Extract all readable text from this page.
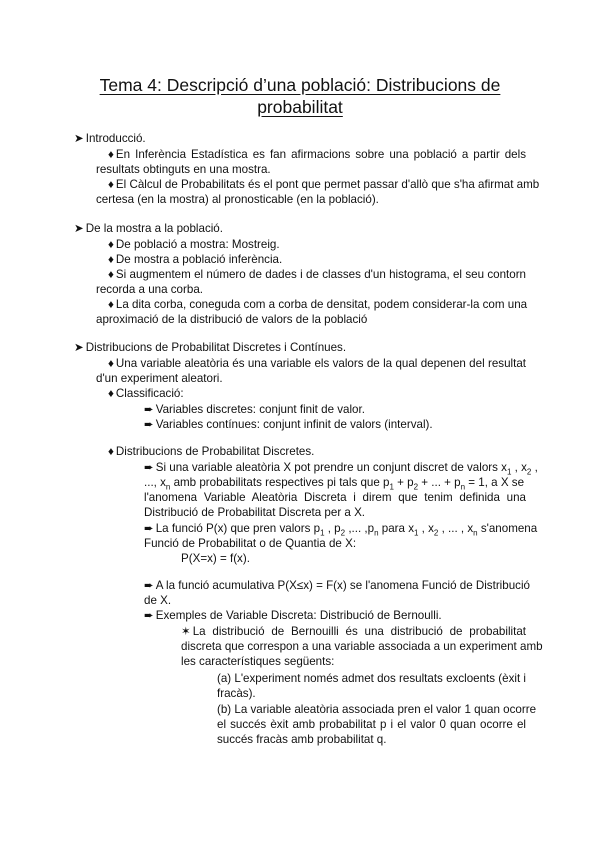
Tema 4: Descripció d’una població: Distribucions de
probabilitat
➤ Introducció.
♦ En Inferència Estadística es fan afirmacions sobre una població a partir dels
resultats obtinguts en una mostra.
♦ El Càlcul de Probabilitats és el pont que permet passar d'allò que s'ha afirmat amb
certesa (en la mostra) al pronosticable (en la població).
➤ De la mostra a la població.
♦ De població a mostra: Mostreig.
♦ De mostra a població inferència.
♦ Si augmentem el número de dades i de classes d'un histograma, el seu contorn
recorda a una corba.
♦ La dita corba, coneguda com a corba de densitat, podem considerar-la com una
aproximació de la distribució de valors de la població
➤ Distribucions de Probabilitat Discretes i Contínues.
♦ Una variable aleatòria és una variable els valors de la qual depenen del resultat
d'un experiment aleatori.
♦ Classificació:
➨ Variables discretes: conjunt finit de valor.
➨ Variables contínues: conjunt infinit de valors (interval).
♦ Distribucions de Probabilitat Discretes.
➨ Si una variable aleatòria X pot prendre un conjunt discret de valors $x_1$ , $x_2$ ,
..., $x_n$ amb probabilitats respectives pi tals que $p_1 + p_2$ + ... + $p_n = 1$, a X se
l'anomena Variable Aleatòria Discreta i direm que tenim definida una
Distribució de Probabilitat Discreta per a X.
➨ La funció P(x) que pren valors $p_1$ , $p_2$ ,... $,p_n$ para $x_1$ , $x_2$ , ... , $x_n$ s'anomena
Funció de Probabilitat o de Quantia de X:
P(X=x) = f(x).
➨ A la funció acumulativa P(X≤x) = F(x) se l'anomena Funció de Distribució
de X.
➨ Exemples de Variable Discreta: Distribució de Bernoulli.
✶ La distribució de Bernouilli és una distribució de probabilitat
discreta que correspon a una variable associada a un experiment amb
les característiques següents:
(a) L'experiment només admet dos resultats excloents (èxit i
fracàs).
(b) La variable aleatòria associada pren el valor 1 quan ocorre
el succés èxit amb probabilitat p i el valor 0 quan ocorre el
succés fracàs amb probabilitat q.
